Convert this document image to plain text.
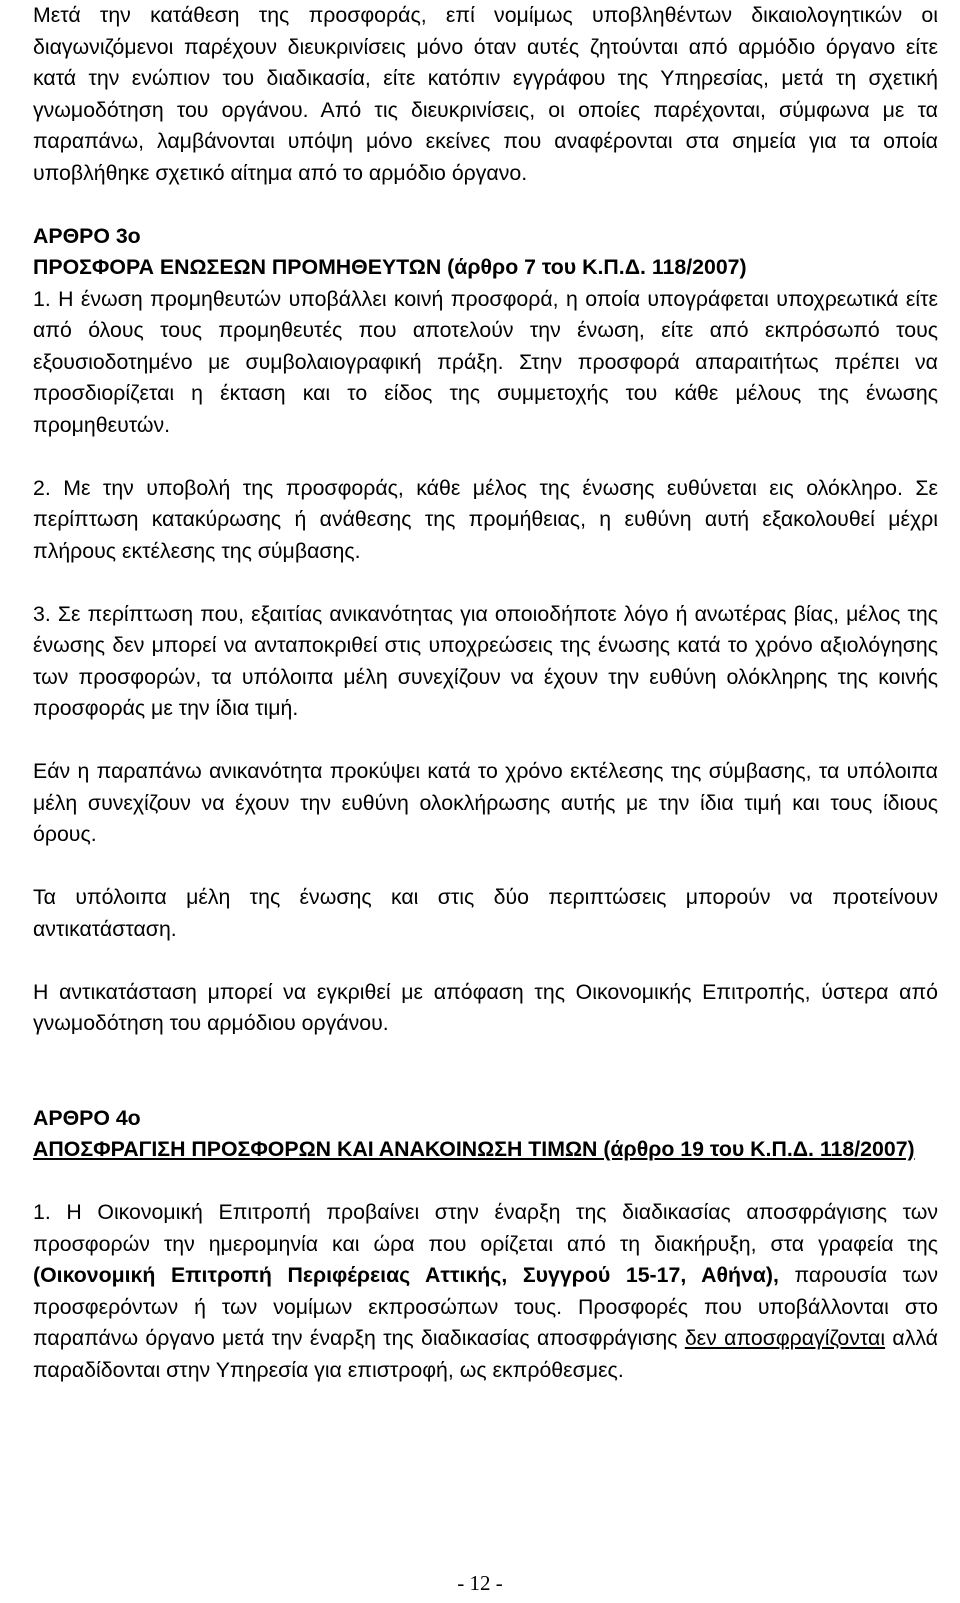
Μετά την κατάθεση της προσφοράς, επί νομίμως υποβληθέντων δικαιολογητικών οι διαγωνιζόμενοι παρέχουν διευκρινίσεις μόνο όταν αυτές ζητούνται από αρμόδιο όργανο είτε κατά την ενώπιον του διαδικασία, είτε κατόπιν εγγράφου της Υπηρεσίας, μετά τη σχετική γνωμοδότηση του οργάνου. Από τις διευκρινίσεις, οι οποίες παρέχονται, σύμφωνα με τα παραπάνω, λαμβάνονται υπόψη μόνο εκείνες που αναφέρονται στα σημεία για τα οποία υποβλήθηκε σχετικό αίτημα από το αρμόδιο όργανο.

ΑΡΘΡΟ 3ο
ΠΡΟΣΦΟΡΑ ΕΝΩΣΕΩΝ ΠΡΟΜΗΘΕΥΤΩΝ (άρθρο 7 του Κ.Π.Δ. 118/2007)

1. Η ένωση προμηθευτών υποβάλλει κοινή προσφορά, η οποία υπογράφεται υποχρεωτικά είτε από όλους τους προμηθευτές που αποτελούν την ένωση, είτε από εκπρόσωπό τους εξουσιοδοτημένο με συμβολαιογραφική πράξη. Στην προσφορά απαραιτήτως πρέπει να προσδιορίζεται η έκταση και το είδος της συμμετοχής του κάθε μέλους της ένωσης προμηθευτών.

2. Με την υποβολή της προσφοράς, κάθε μέλος της ένωσης ευθύνεται εις ολόκληρο. Σε περίπτωση κατακύρωσης ή ανάθεσης της προμήθειας, η ευθύνη αυτή εξακολουθεί μέχρι πλήρους εκτέλεσης της σύμβασης.

3. Σε περίπτωση που, εξαιτίας ανικανότητας για οποιοδήποτε λόγο ή ανωτέρας βίας, μέλος της ένωσης δεν μπορεί να ανταποκριθεί στις υποχρεώσεις της ένωσης κατά το χρόνο αξιολόγησης των προσφορών, τα υπόλοιπα μέλη συνεχίζουν να έχουν την ευθύνη ολόκληρης της κοινής προσφοράς με την ίδια τιμή.

Εάν η παραπάνω ανικανότητα προκύψει κατά το χρόνο εκτέλεσης της σύμβασης, τα υπόλοιπα μέλη συνεχίζουν να έχουν την ευθύνη ολοκλήρωσης αυτής με την ίδια τιμή και τους ίδιους όρους.

Τα υπόλοιπα μέλη της ένωσης και στις δύο περιπτώσεις μπορούν να προτείνουν αντικατάσταση.

Η αντικατάσταση μπορεί να εγκριθεί με απόφαση της Οικονομικής Επιτροπής, ύστερα από γνωμοδότηση του αρμόδιου οργάνου.

ΑΡΘΡΟ 4ο
ΑΠΟΣΦΡΑΓΙΣΗ ΠΡΟΣΦΟΡΩΝ ΚΑΙ ΑΝΑΚΟΙΝΩΣΗ ΤΙΜΩΝ (άρθρο 19 του Κ.Π.Δ. 118/2007)

1. Η Οικονομική Επιτροπή προβαίνει στην έναρξη της διαδικασίας αποσφράγισης των προσφορών την ημερομηνία και ώρα που ορίζεται από τη διακήρυξη, στα γραφεία της (Οικονομική Επιτροπή Περιφέρειας Αττικής, Συγγρού 15-17, Αθήνα), παρουσία των προσφερόντων ή των νομίμων εκπροσώπων τους. Προσφορές που υποβάλλονται στο παραπάνω όργανο μετά την έναρξη της διαδικασίας αποσφράγισης δεν αποσφραγίζονται αλλά παραδίδονται στην Υπηρεσία για επιστροφή, ως εκπρόθεσμες.

- 12 -
